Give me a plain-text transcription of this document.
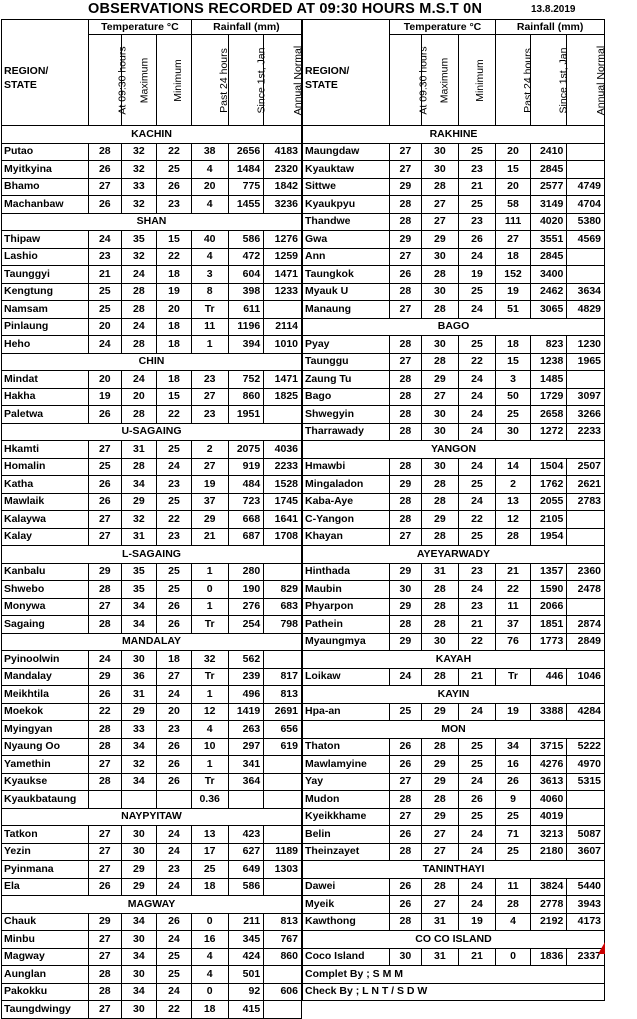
OBSERVATIONS RECORDED AT 09:30 HOURS M.S.T 0N	13.8.2019
REGION/
STATE	Temperature °C			Rainfall (mm)		
	At 09:30 hours	Maximum	Minimum	Past 24 hours	Since 1st, Jan	Annual Normal
KACHIN						
Putao	28	32	22	38	2656	4183
Myitkyina	26	32	25	4	1484	2320
Bhamo	27	33	26	20	775	1842
Machanbaw	26	32	23	4	1455	3236
SHAN						
Thipaw	24	35	15	40	586	1276
Lashio	23	32	22	4	472	1259
Taunggyi	21	24	18	3	604	1471
Kengtung	25	28	19	8	398	1233
Namsam	25	28	20	Tr	611	
Pinlaung	20	24	18	11	1196	2114
Heho	24	28	18	1	394	1010
CHIN						
Mindat	20	24	18	23	752	1471
Hakha	19	20	15	27	860	1825
Paletwa	26	28	22	23	1951	
U-SAGAING						
Hkamti	27	31	25	2	2075	4036
Homalin	25	28	24	27	919	2233
Katha	26	34	23	19	484	1528
Mawlaik	26	29	25	37	723	1745
Kalaywa	27	32	22	29	668	1641
Kalay	27	31	23	21	687	1708
L-SAGAING						
Kanbalu	29	35	25	1	280	
Shwebo	28	35	25	0	190	829
Monywa	27	34	26	1	276	683
Sagaing	28	34	26	Tr	254	798
MANDALAY						
Pyinoolwin	24	30	18	32	562	
Mandalay	29	36	27	Tr	239	817
Meikhtila	26	31	24	1	496	813
Moekok	22	29	20	12	1419	2691
Myingyan	28	33	23	4	263	656
Nyaung Oo	28	34	26	10	297	619
Yamethin	27	32	26	1	341	
Kyaukse	28	34	26	Tr	364	
Kyaukbataung				0.36		
NAYPYITAW						
Tatkon	27	30	24	13	423	
Yezin	27	30	24	17	627	1189
Pyinmana	27	29	23	25	649	1303
Ela	26	29	24	18	586	
MAGWAY						
Chauk	29	34	26	0	211	813
Minbu	27	30	24	16	345	767
Magway	27	34	25	4	424	860
Aunglan	28	30	25	4	501	
Pakokku	28	34	24	0	92	606
Taungdwingy	27	30	22	18	415	
REGION/
STATE	Temperature °C			Rainfall (mm)		
	At 09:30 hours	Maximum	Minimum	Past 24 hours	Since 1st, Jan	Annual Normal
RAKHINE						
Maungdaw	27	30	25	20	2410	
Kyauktaw	27	30	23	15	2845	
Sittwe	29	28	21	20	2577	4749
Kyaukpyu	28	27	25	58	3149	4704
Thandwe	28	27	23	111	4020	5380
Gwa	29	29	26	27	3551	4569
Ann	27	30	24	18	2845	
Taungkok	26	28	19	152	3400	
Myauk U	28	30	25	19	2462	3634
Manaung	27	28	24	51	3065	4829
BAGO						
Pyay	28	30	25	18	823	1230
Taunggu	27	28	22	15	1238	1965
Zaung Tu	28	29	24	3	1485	
Bago	28	27	24	50	1729	3097
Shwegyin	28	30	24	25	2658	3266
Tharrawady	28	30	24	30	1272	2233
YANGON						
Hmawbi	28	30	24	14	1504	2507
Mingaladon	29	28	25	2	1762	2621
Kaba-Aye	28	28	24	13	2055	2783
C-Yangon	28	29	22	12	2105	
Khayan	27	28	25	28	1954	
AYEYARWADY						
Hinthada	29	31	23	21	1357	2360
Maubin	30	28	24	22	1590	2478
Phyarpon	29	28	23	11	2066	
Pathein	28	28	21	37	1851	2874
Myaungmya	29	30	22	76	1773	2849
KAYAH						
Loikaw	24	28	21	Tr	446	1046
KAYIN						
Hpa-an	25	29	24	19	3388	4284
MON						
Thaton	26	28	25	34	3715	5222
Mawlamyine	26	29	25	16	4276	4970
Yay	27	29	24	26	3613	5315
Mudon	28	28	26	9	4060	
Kyeikkhame	27	29	25	25	4019	
Belin	26	27	24	71	3213	5087
Theinzayet	28	27	24	25	2180	3607
TANINTHAYI						
Dawei	26	28	24	11	3824	5440
Myeik	26	27	24	28	2778	3943
Kawthong	28	31	19	4	2192	4173
CO CO ISLAND						
Coco Island	30	31	21	0	1836	2337
Complet By ; S M M						
Check By ; L N T / S D W						
